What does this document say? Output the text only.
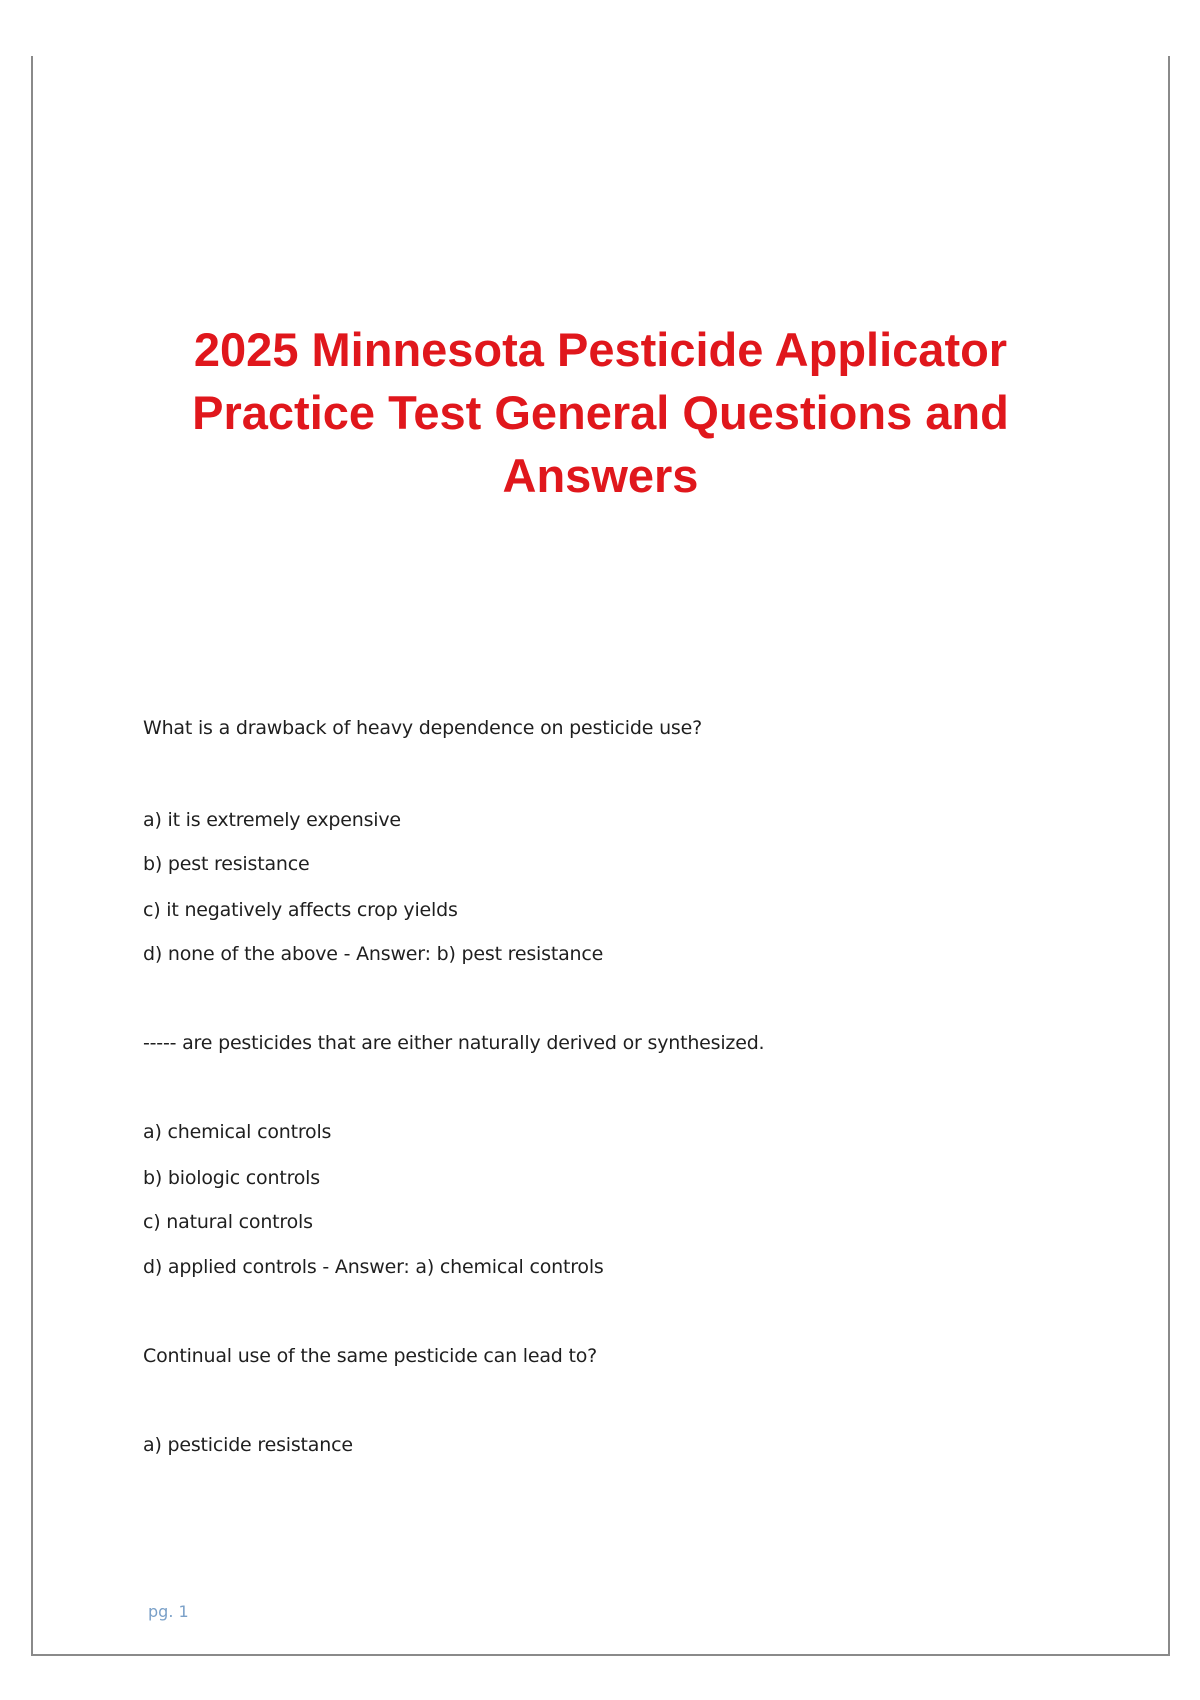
2025 Minnesota Pesticide Applicator
Practice Test General Questions and
Answers
What is a drawback of heavy dependence on pesticide use?
a) it is extremely expensive
b) pest resistance
c) it negatively affects crop yields
d) none of the above - Answer: b) pest resistance
----- are pesticides that are either naturally derived or synthesized.
a) chemical controls
b) biologic controls
c) natural controls
d) applied controls - Answer: a) chemical controls
Continual use of the same pesticide can lead to?
a) pesticide resistance
pg. 1
